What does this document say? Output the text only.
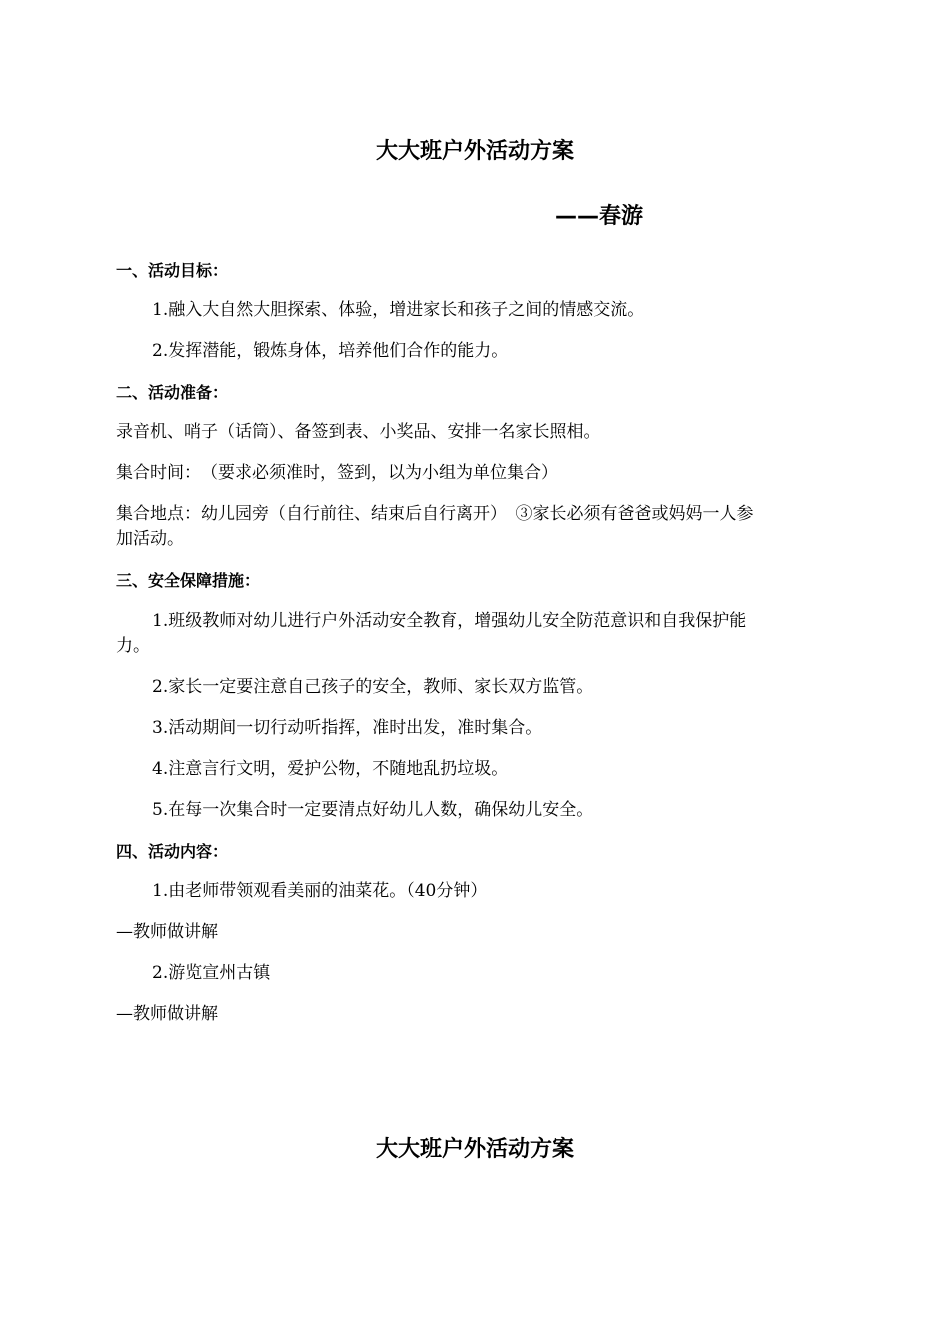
大大班户外活动方案
——春游
一、活动目标：
1.融入大自然大胆探索、体验，增进家长和孩子之间的情感交流。
2.发挥潜能，锻炼身体，培养他们合作的能力。
二、活动准备：
录音机、哨子（话筒）、备签到表、小奖品、安排一名家长照相。
集合时间：　（要求必须准时，签到，以为小组为单位集合）
集合地点：幼儿园旁（自行前往、结束后自行离开）　③家长必须有爸爸或妈妈一人参
加活动。
三、安全保障措施：
1.班级教师对幼儿进行户外活动安全教育，增强幼儿安全防范意识和自我保护能
力。
2.家长一定要注意自己孩子的安全，教师、家长双方监管。
3.活动期间一切行动听指挥，准时出发，准时集合。
4.注意言行文明，爱护公物，不随地乱扔垃圾。
5.在每一次集合时一定要清点好幼儿人数，确保幼儿安全。
四、活动内容：
1.由老师带领观看美丽的油菜花。（40分钟）
—教师做讲解
2.游览宣州古镇
—教师做讲解
大大班户外活动方案
